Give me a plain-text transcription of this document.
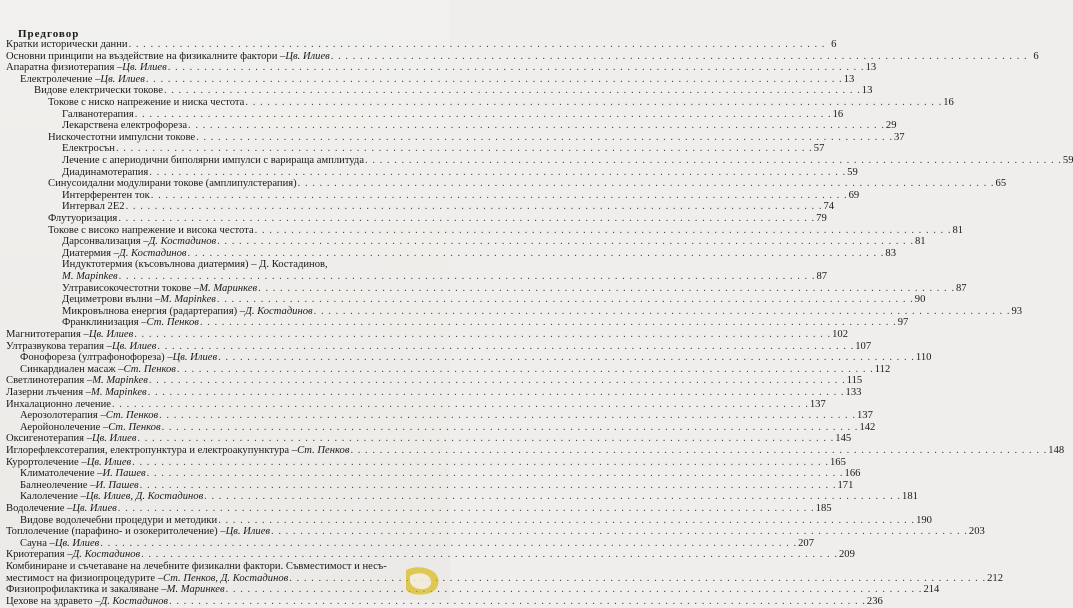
Предговор
Кратки исторически данни . . .	6
Основни принципи на въздействие на физикалните фактори – Цв. Илиев . . .	6
Апаратна физиотерапия – Цв. Илиев . . .	13
Електролечение – Цв. Илиев . . .	13
Видове електрически токове . . .	13
Токове с ниско напрежение и ниска честота . . .	16
Галванотерапия . . .	16
Лекарствена електрофореза . . .	29
Нискочестотни импулсни токове . . .	37
Електросън . . .	57
Лечение с апериодични биполярни импулси с варираща амплитуда . . .	59
Диадинамотерапия . . .	59
Синусоидални модулирани токове (амплипулстерапия) . . .	65
Интерферентен ток . . .	69
Интервал 2Е2 . . .	74
Флутуоризация . . .	79
Токове с високо напрежение и висока честота . . .	81
Дарсонвализация – Д. Костадинов . . .	81
Диатермия – Д. Костадинов . . .	83
Индуктотермия (късовълнова диатермия) – Д. Костадинов,
М. Марinkев . . .	87
Ултрависокочестотни токове – М. Маринкев . . .	87
Дециметрови вълни – М. Марinkев . . .	90
Микровълнова енергия (радартерапия) – Д. Костадинов . . .	93
Франклинизация – Ст. Пенков . . .	97
Магнитотерапия – Цв. Илиев . . .	102
Ултразвукова терапия – Цв. Илиев . . .	107
Фонофореза (ултрафонофореза) – Цв. Илиев . . .	110
Синкардиален масаж – Ст. Пенков . . .	112
Светлинотерапия – М. Марinkев . . .	115
Лазерни лъчения – М. Марinkев . . .	133
Инхалационно лечение . . .	137
Аерозолотерапия – Ст. Пенков . . .	137
Аеройонолечение – Ст. Пенков . . .	142
Оксигенотерапия – Цв. Илиев . . .	145
Иглорефлексотерапия, електропунктура и електроакупунктура – Ст. Пенков . . .	148
Курортолечение – Цв. Илиев . . .	165
Климатолечение – И. Пашев . . .	166
Балнеолечение – И. Пашев . . .	171
Калолечение – Цв. Илиев, Д. Костадинов . . .	181
Водолечение – Цв. Илиев . . .	185
Видове водолечебни процедури и методики . . .	190
Топлолечение (парафино- и озокеритолечение) – Цв. Илиев . . .	203
Сауна – Цв. Илиев . . .	207
Криотерапия – Д. Костадинов . . .	209
Комбиниране и съчетаване на лечебните физикални фактори. Съвместимост и несъ-
местимост на физиопроцедурите – Ст. Пенков, Д. Костадинов . . .	212
Физиопрофилактика и закаляване – М. Маринкев . . .	214
Цехове на здравето – Д. Костадинов . . .	236
